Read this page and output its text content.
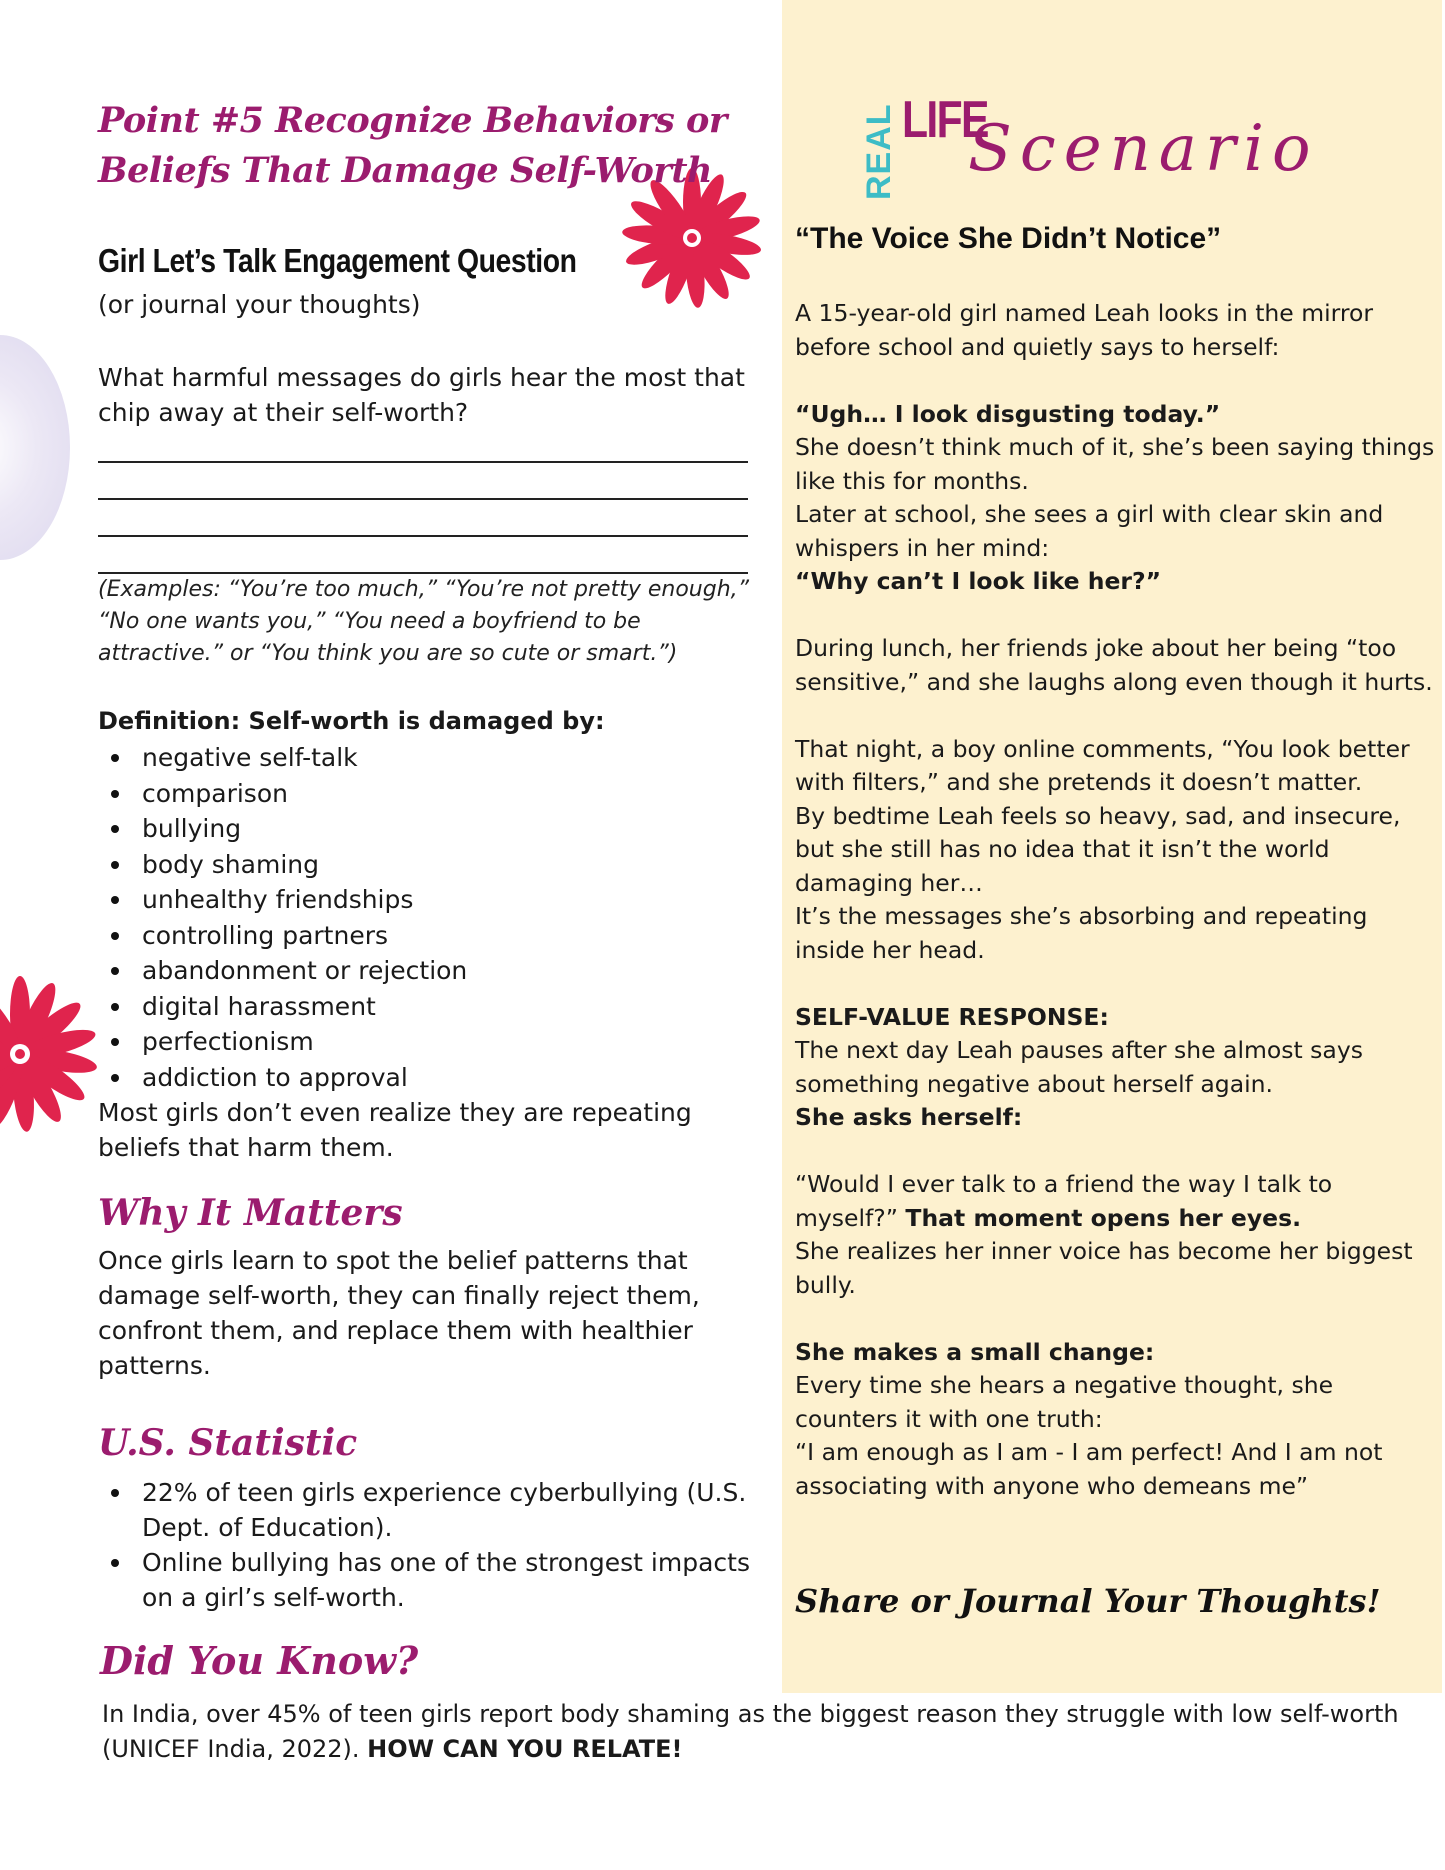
Point #5 Recognize Behaviors or Beliefs That Damage Self-Worth
Girl Let’s Talk Engagement Question
(or journal your thoughts)
What harmful messages do girls hear the most that chip away at their self-worth?
(Examples: “You’re too much,” “You’re not pretty enough,” “No one wants you,” “You need a boyfriend to be attractive.” or “You think you are so cute or smart.”)
Definition: Self-worth is damaged by:
negative self-talk
comparison
bullying
body shaming
unhealthy friendships
controlling partners
abandonment or rejection
digital harassment
perfectionism
addiction to approval
Most girls don’t even realize they are repeating beliefs that harm them.
Why It Matters
Once girls learn to spot the belief patterns that damage self-worth, they can finally reject them, confront them, and replace them with healthier patterns.
U.S. Statistic
22% of teen girls experience cyberbullying (U.S. Dept. of Education).
Online bullying has one of the strongest impacts on a girl’s self-worth.
Did You Know?
In India, over 45% of teen girls report body shaming as the biggest reason they struggle with low self-worth (UNICEF India, 2022). HOW CAN YOU RELATE!
REAL LIFE
Scenario
“The Voice She Didn’t Notice”

A 15-year-old girl named Leah looks in the mirror before school and quietly says to herself:

“Ugh… I look disgusting today.”

She doesn’t think much of it, she’s been saying things like this for months.

Later at school, she sees a girl with clear skin and whispers in her mind:

“Why can’t I look like her?”

During lunch, her friends joke about her being “too sensitive,” and she laughs along even though it hurts.

That night, a boy online comments, “You look better with filters,” and she pretends it doesn’t matter.

By bedtime Leah feels so heavy, sad, and insecure, but she still has no idea that it isn’t the world damaging her…

It’s the messages she’s absorbing and repeating inside her head.

SELF-VALUE RESPONSE:

The next day Leah pauses after she almost says something negative about herself again.

She asks herself:

“Would I ever talk to a friend the way I talk to myself?” That moment opens her eyes.

She realizes her inner voice has become her biggest bully.

She makes a small change:

Every time she hears a negative thought, she counters it with one truth:

“I am enough as I am - I am perfect! And I am not associating with anyone who demeans me”

Share or Journal Your Thoughts!
